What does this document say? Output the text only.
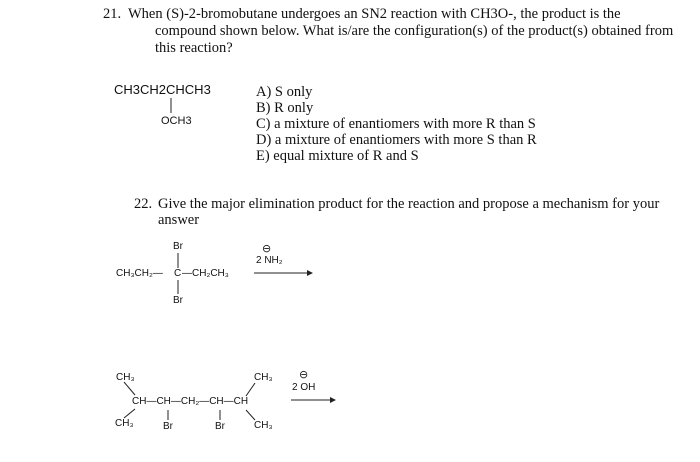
21. When (S)-2-bromobutane undergoes an SN2 reaction with CH3O-, the product is the
compound shown below. What is/are the configuration(s) of the product(s) obtained from
this reaction?
CH3CH2CHCH3
OCH3
A) S only
B) R only
C) a mixture of enantiomers with more R than S
D) a mixture of enantiomers with more S than R
E) equal mixture of R and S
22. Give the major elimination product for the reaction and propose a mechanism for your
answer
Br
CH₃CH₂— C —CH₂CH₃
Br
⊖
2 NH₂
CH₃
CH—CH—CH₂—CH—CH
CH₃	Br	Br
CH₃
CH₃
⊖
2 OH
